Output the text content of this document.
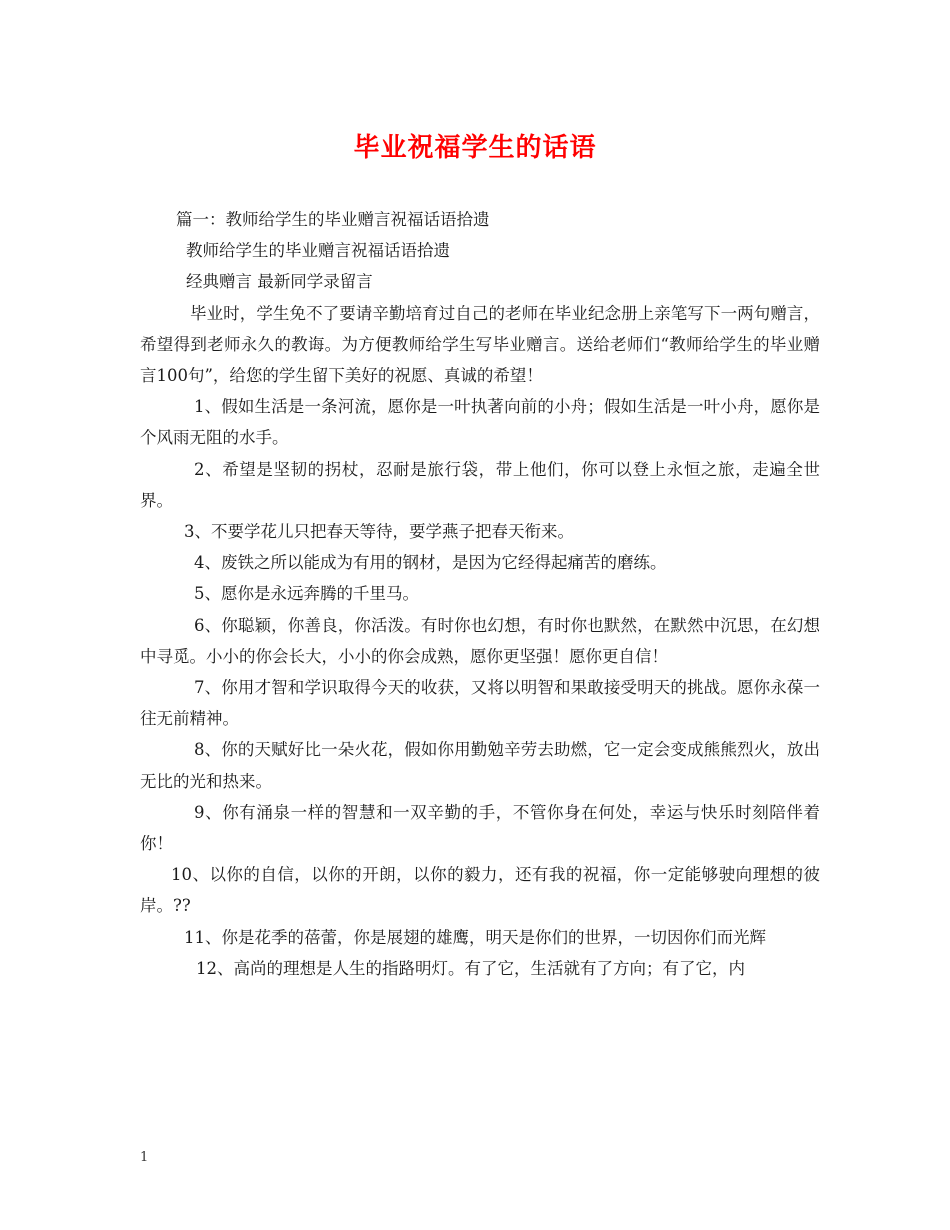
毕业祝福学生的话语

篇一：教师给学生的毕业赠言祝福话语拾遗

教师给学生的毕业赠言祝福话语拾遗

经典赠言 最新同学录留言

毕业时，学生免不了要请辛勤培育过自己的老师在毕业纪念册上亲笔写下一两句赠言，希望得到老师永久的教诲。为方便教师给学生写毕业赠言。送给老师们“教师给学生的毕业赠言100句”，给您的学生留下美好的祝愿、真诚的希望！

1、假如生活是一条河流，愿你是一叶执著向前的小舟；假如生活是一叶小舟，愿你是个风雨无阻的水手。

2、希望是坚韧的拐杖，忍耐是旅行袋，带上他们，你可以登上永恒之旅，走遍全世界。

3、不要学花儿只把春天等待，要学燕子把春天衔来。

4、废铁之所以能成为有用的钢材，是因为它经得起痛苦的磨练。

5、愿你是永远奔腾的千里马。

6、你聪颖，你善良，你活泼。有时你也幻想，有时你也默然，在默然中沉思，在幻想中寻觅。小小的你会长大，小小的你会成熟，愿你更坚强！愿你更自信！

7、你用才智和学识取得今天的收获，又将以明智和果敢接受明天的挑战。愿你永葆一往无前精神。

8、你的天赋好比一朵火花，假如你用勤勉辛劳去助燃，它一定会变成熊熊烈火，放出无比的光和热来。

9、你有涌泉一样的智慧和一双辛勤的手，不管你身在何处，幸运与快乐时刻陪伴着你！

10、以你的自信，以你的开朗，以你的毅力，还有我的祝福，你一定能够驶向理想的彼岸。??

11、你是花季的蓓蕾，你是展翅的雄鹰，明天是你们的世界，一切因你们而光辉

12、高尚的理想是人生的指路明灯。有了它，生活就有了方向；有了它，内

1
